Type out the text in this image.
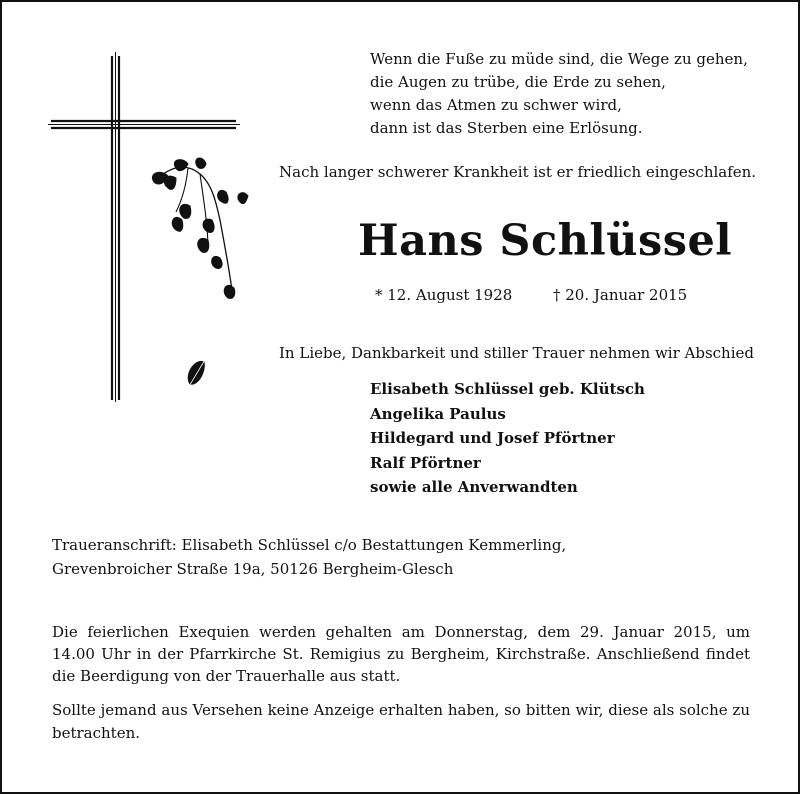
Wenn die Fuße zu müde sind, die Wege zu gehen,
die Augen zu trübe, die Erde zu sehen,
wenn das Atmen zu schwer wird,
dann ist das Sterben eine Erlösung.
Nach langer schwerer Krankheit ist er friedlich eingeschlafen.
Hans Schlüssel
* 12. August 1928	† 20. Januar 2015
In Liebe, Dankbarkeit und stiller Trauer nehmen wir Abschied
Elisabeth Schlüssel geb. Klütsch
Angelika Paulus
Hildegard und Josef Pförtner
Ralf Pförtner
sowie alle Anverwandten
Traueranschrift: Elisabeth Schlüssel c/o Bestattungen Kemmerling,
Grevenbroicher Straße 19a, 50126 Bergheim-Glesch
Die feierlichen Exequien werden gehalten am Donnerstag, dem 29. Januar 2015, um
14.00 Uhr in der Pfarrkirche St. Remigius zu Bergheim, Kirchstraße. Anschließend findet
die Beerdigung von der Trauerhalle aus statt.
Sollte jemand aus Versehen keine Anzeige erhalten haben, so bitten wir, diese als solche zu
betrachten.
